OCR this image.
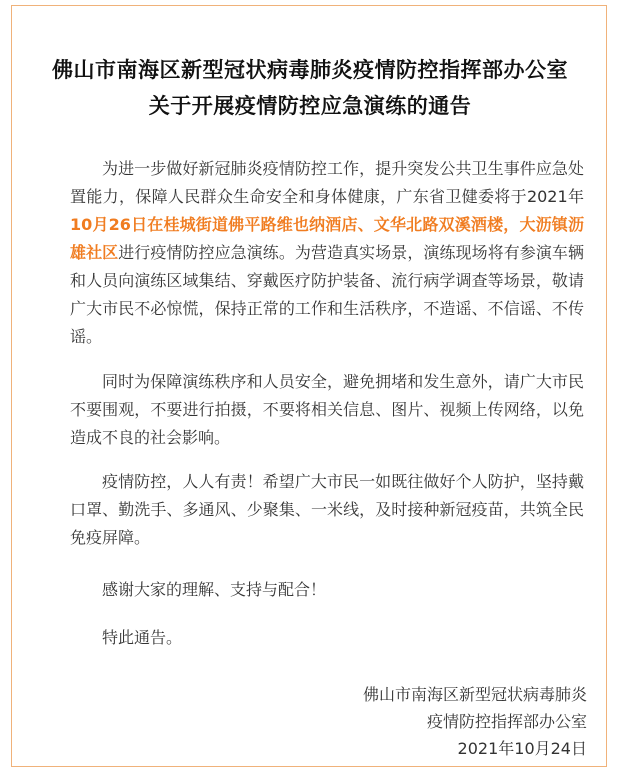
佛山市南海区新型冠状病毒肺炎疫情防控指挥部办公室
关于开展疫情防控应急演练的通告
为进一步做好新冠肺炎疫情防控工作，提升突发公共卫生事件应急处置能力，保障人民群众生命安全和身体健康，广东省卫健委将于2021年10月26日在桂城街道佛平路维也纳酒店、文华北路双溪酒楼，大沥镇沥雄社区进行疫情防控应急演练。为营造真实场景，演练现场将有参演车辆和人员向演练区域集结、穿戴医疗防护装备、流行病学调查等场景，敬请广大市民不必惊慌，保持正常的工作和生活秩序，不造谣、不信谣、不传谣。
同时为保障演练秩序和人员安全，避免拥堵和发生意外，请广大市民不要围观，不要进行拍摄，不要将相关信息、图片、视频上传网络，以免造成不良的社会影响。
疫情防控，人人有责！希望广大市民一如既往做好个人防护，坚持戴口罩、勤洗手、多通风、少聚集、一米线，及时接种新冠疫苗，共筑全民免疫屏障。
感谢大家的理解、支持与配合！
特此通告。
佛山市南海区新型冠状病毒肺炎
疫情防控指挥部办公室
2021年10月24日
